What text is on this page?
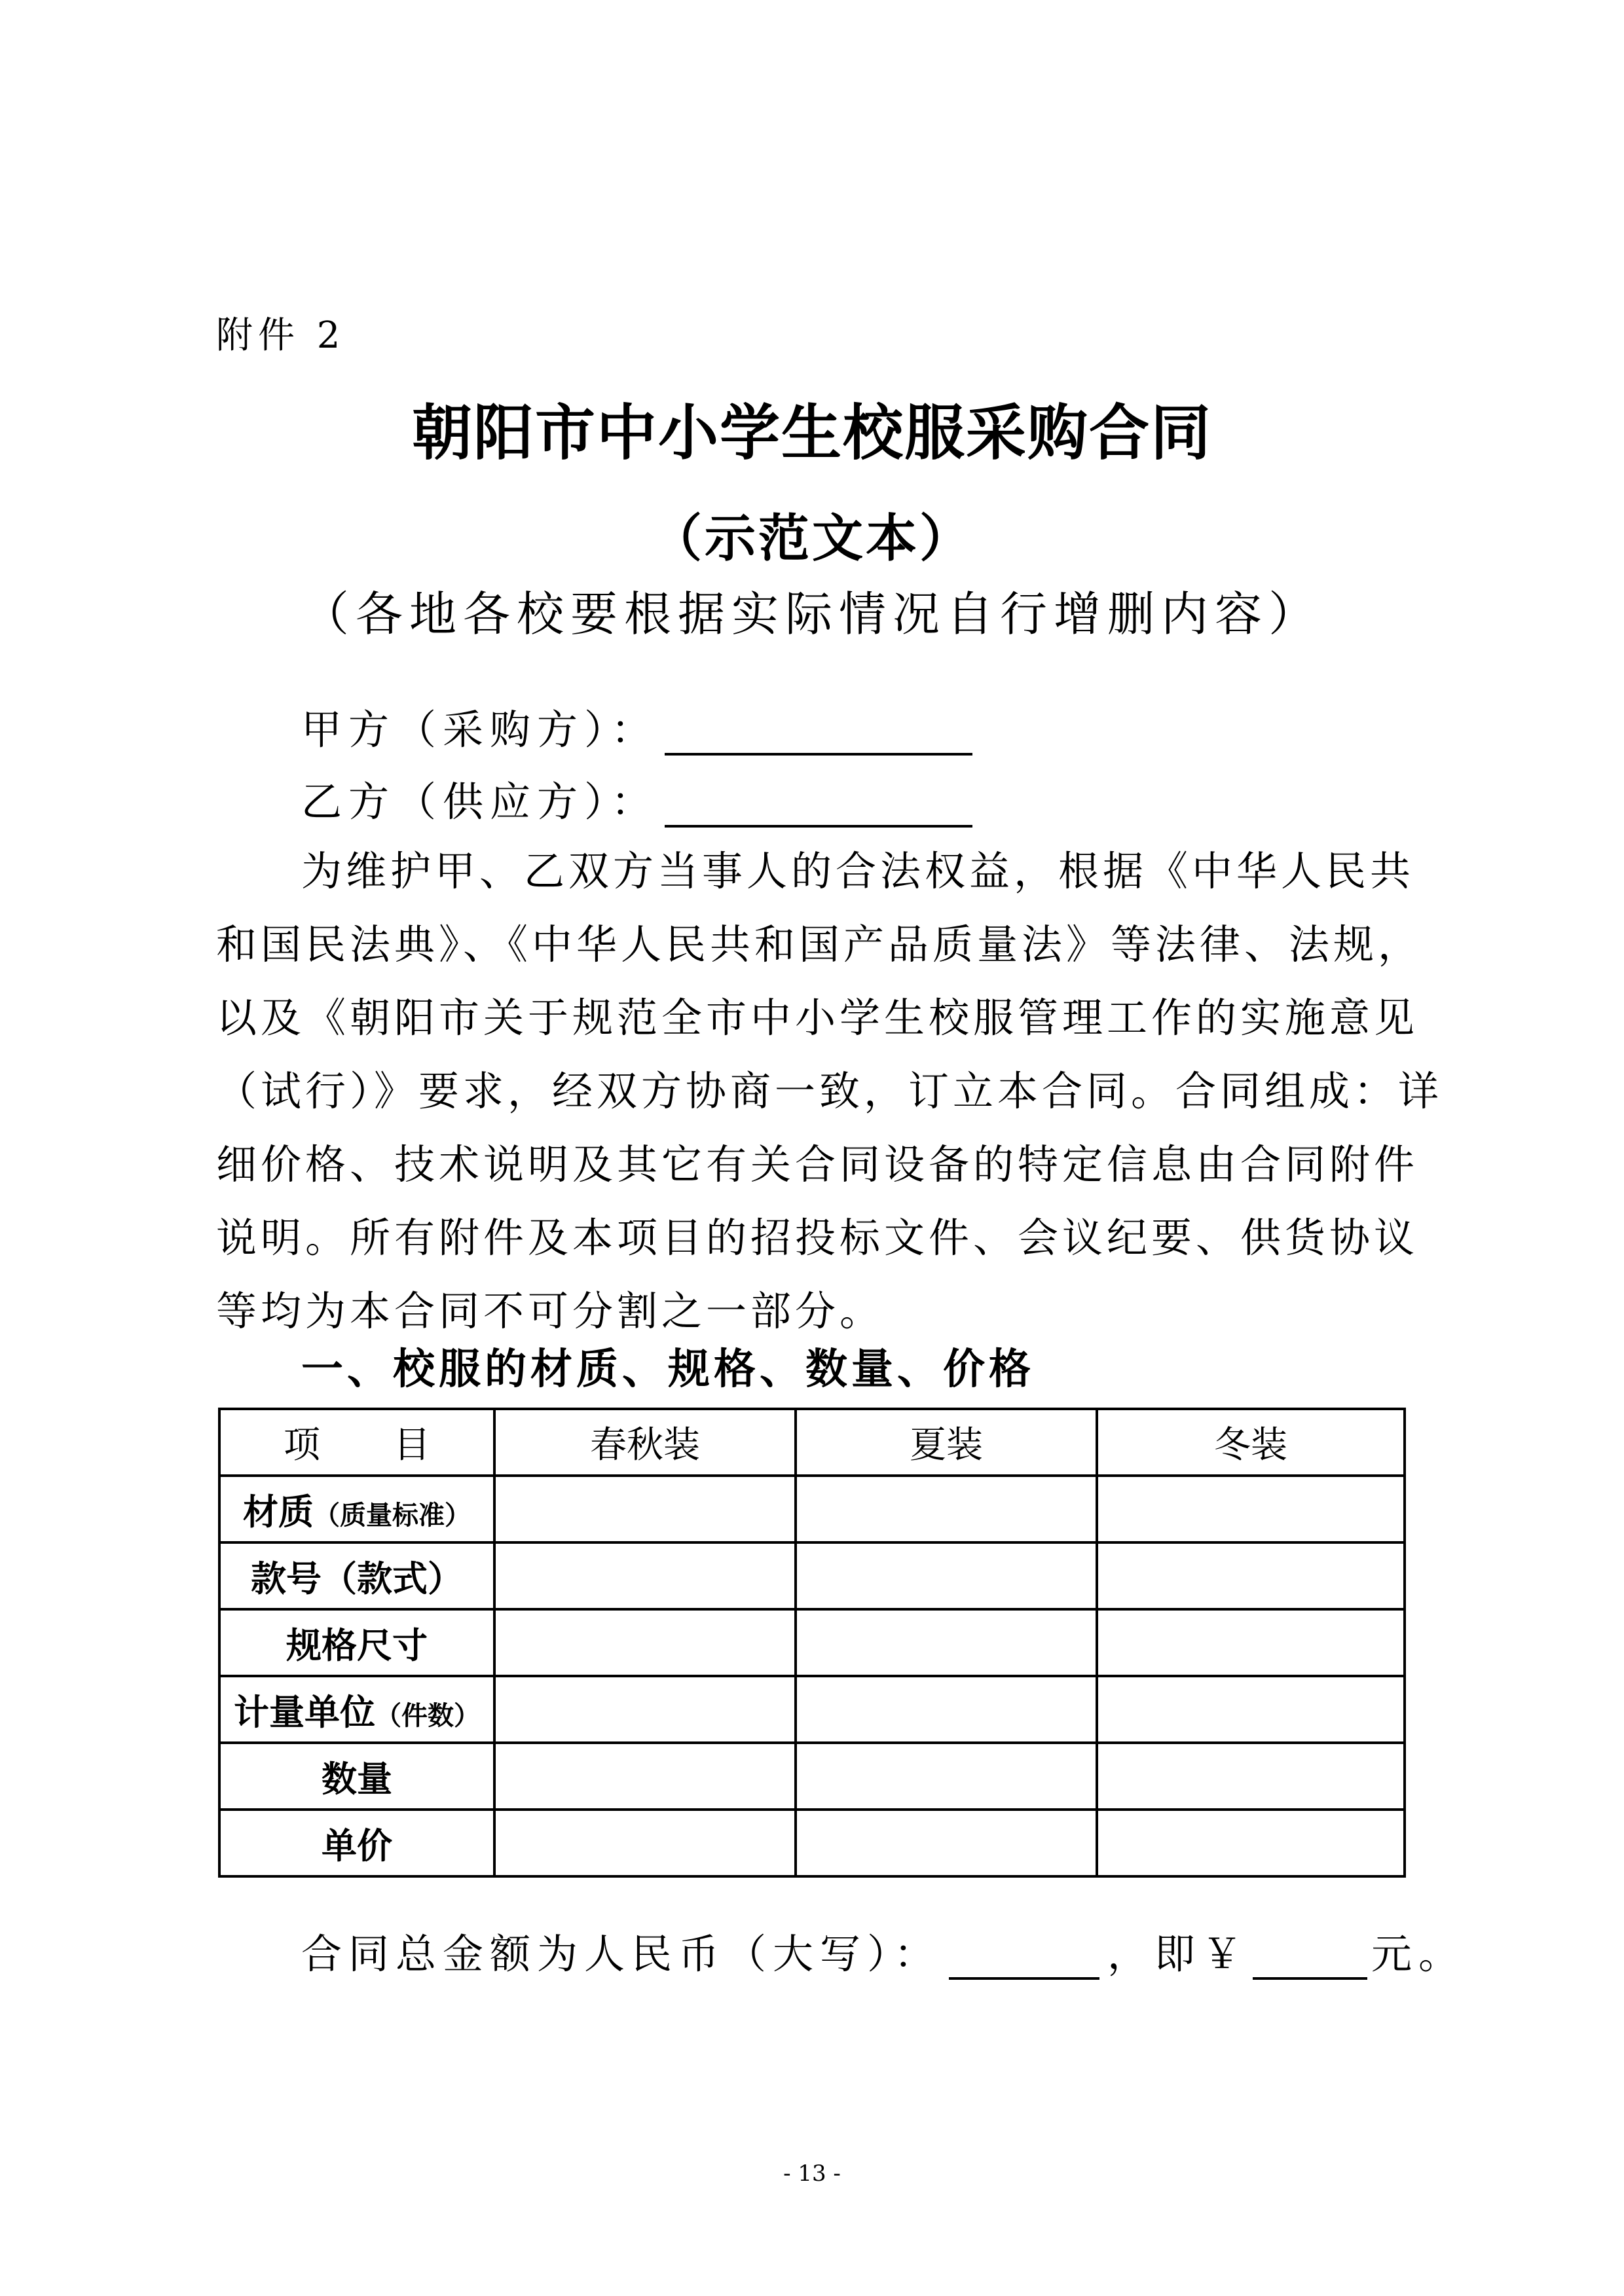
附件 2
朝阳市中小学生校服采购合同
（示范文本）
（各地各校要根据实际情况自行增删内容）
甲方（采购方）：
乙方（供应方）：

为维护甲、乙双方当事人的合法权益，根据《中华人民共和国民法典》、《中华人民共和国产品质量法》等法律、法规，以及《朝阳市关于规范全市中小学生校服管理工作的实施意见（试行）》要求，经双方协商一致，订立本合同。合同组成：详细价格、技术说明及其它有关合同设备的特定信息由合同附件说明。所有附件及本项目的招投标文件、会议纪要、供货协议等均为本合同不可分割之一部分。

一、校服的材质、规格、数量、价格
项　　目	春秋装	夏装	冬装
材质（质量标准）			
款号（款式）			
规格尺寸			
计量单位（件数）			
数量			
单价			
合同总金额为人民币（大写）：	，即￥	元。
- 13 -
